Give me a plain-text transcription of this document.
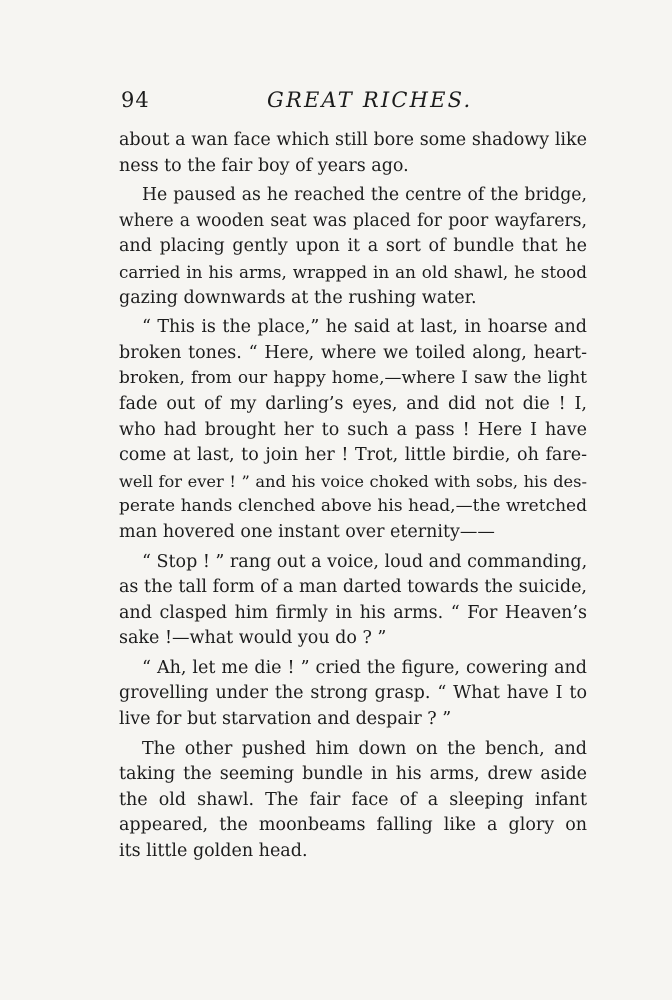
94	GREAT RICHES.
about a wan face which still bore some shadowy like
ness to the fair boy of years ago.
He paused as he reached the centre of the bridge,
where a wooden seat was placed for poor wayfarers,
and placing gently upon it a sort of bundle that he
carried in his arms, wrapped in an old shawl, he stood
gazing downwards at the rushing water.
“ This is the place,” he said at last, in hoarse and
broken tones. “ Here, where we toiled along, heart-
broken, from our happy home,—where I saw the light
fade out of my darling’s eyes, and did not die ! I,
who had brought her to such a pass ! Here I have
come at last, to join her ! Trot, little birdie, oh fare-
well for ever ! ” and his voice choked with sobs, his des-
perate hands clenched above his head,—the wretched
man hovered one instant over eternity——
“ Stop ! ” rang out a voice, loud and commanding,
as the tall form of a man darted towards the suicide,
and clasped him firmly in his arms. “ For Heaven’s
sake !—what would you do ? ”
“ Ah, let me die ! ” cried the figure, cowering and
grovelling under the strong grasp. “ What have I to
live for but starvation and despair ? ”
The other pushed him down on the bench, and
taking the seeming bundle in his arms, drew aside
the old shawl. The fair face of a sleeping infant
appeared, the moonbeams falling like a glory on
its little golden head.
